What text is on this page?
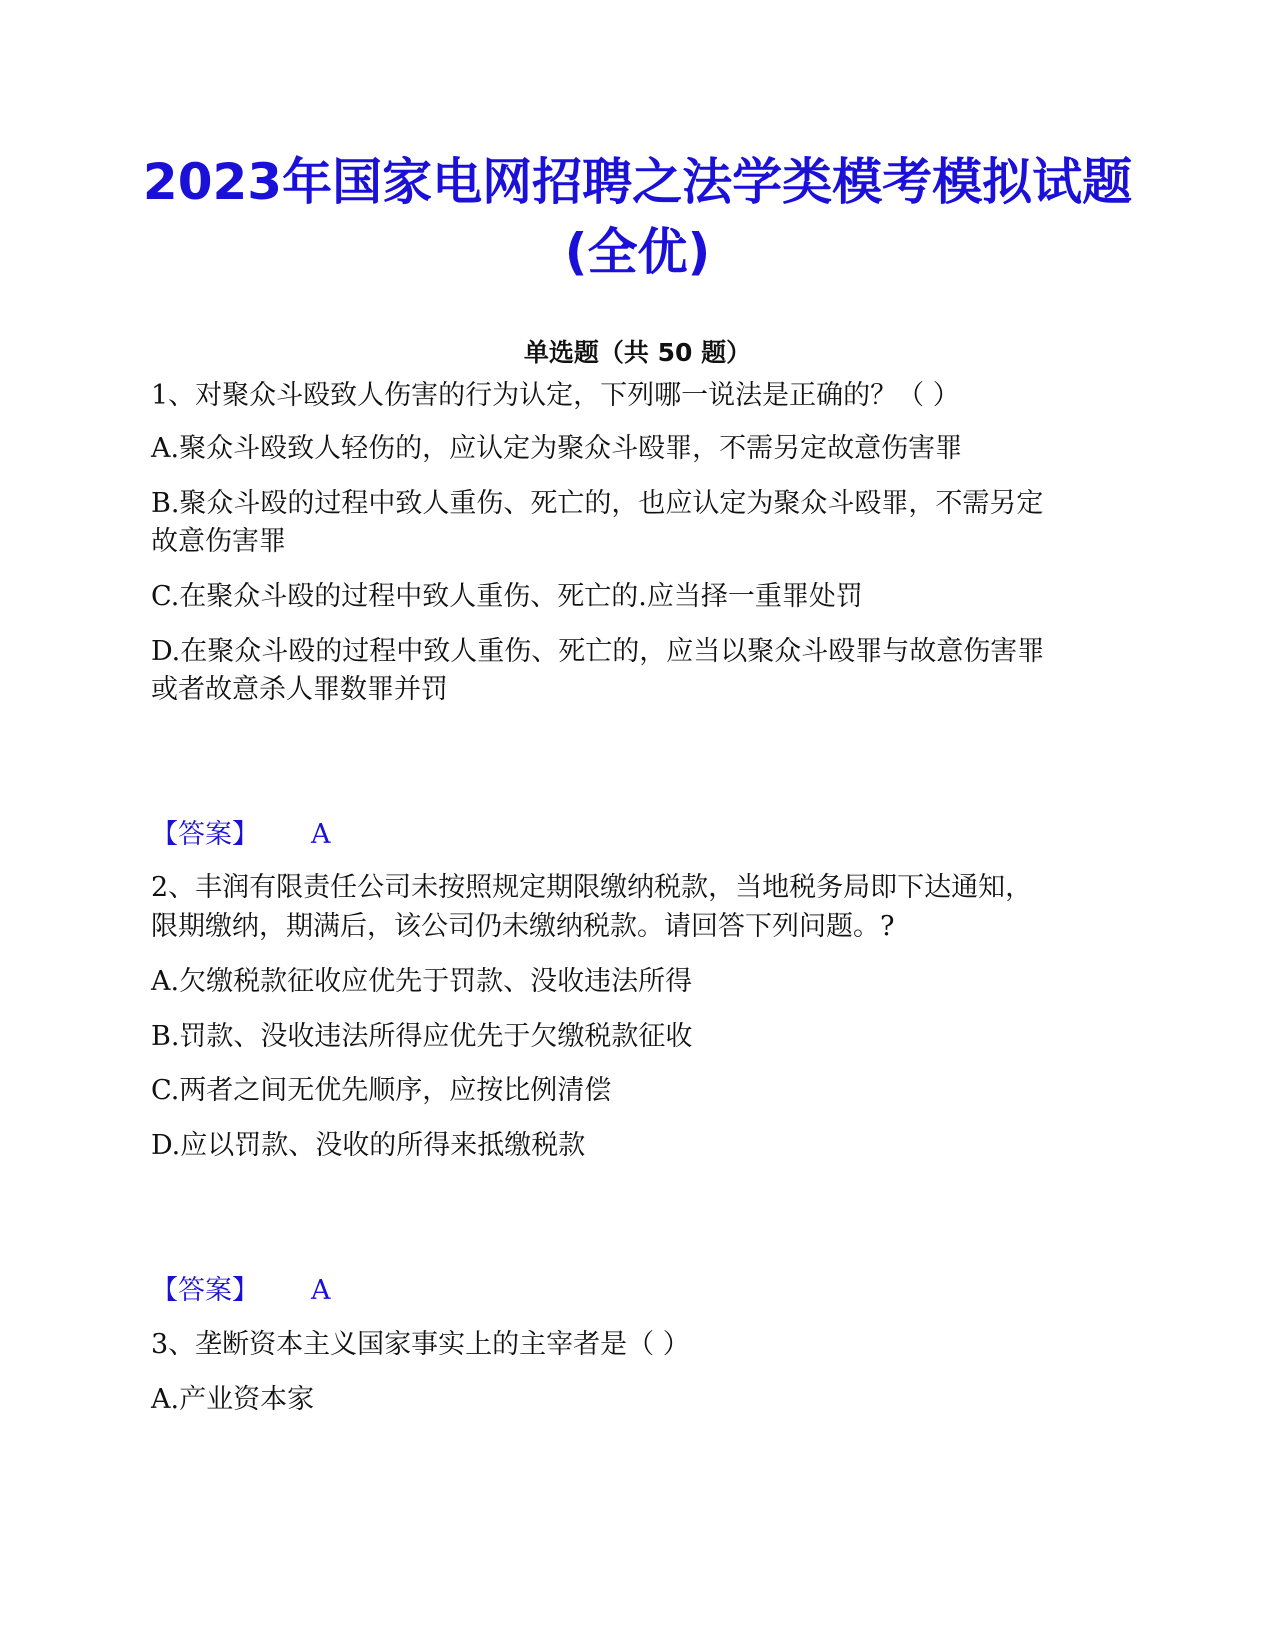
2023年国家电网招聘之法学类模考模拟试题
(全优)
单选题（共 50 题）
1、对聚众斗殴致人伤害的行为认定，下列哪一说法是正确的？（ ）
A.聚众斗殴致人轻伤的，应认定为聚众斗殴罪，不需另定故意伤害罪
B.聚众斗殴的过程中致人重伤、死亡的，也应认定为聚众斗殴罪，不需另定
故意伤害罪
C.在聚众斗殴的过程中致人重伤、死亡的.应当择一重罪处罚
D.在聚众斗殴的过程中致人重伤、死亡的，应当以聚众斗殴罪与故意伤害罪
或者故意杀人罪数罪并罚
【答案】 A
2、丰润有限责任公司未按照规定期限缴纳税款，当地税务局即下达通知，
限期缴纳，期满后，该公司仍未缴纳税款。请回答下列问题。?
A.欠缴税款征收应优先于罚款、没收违法所得
B.罚款、没收违法所得应优先于欠缴税款征收
C.两者之间无优先顺序，应按比例清偿
D.应以罚款、没收的所得来抵缴税款
【答案】 A
3、垄断资本主义国家事实上的主宰者是（ ）
A.产业资本家
